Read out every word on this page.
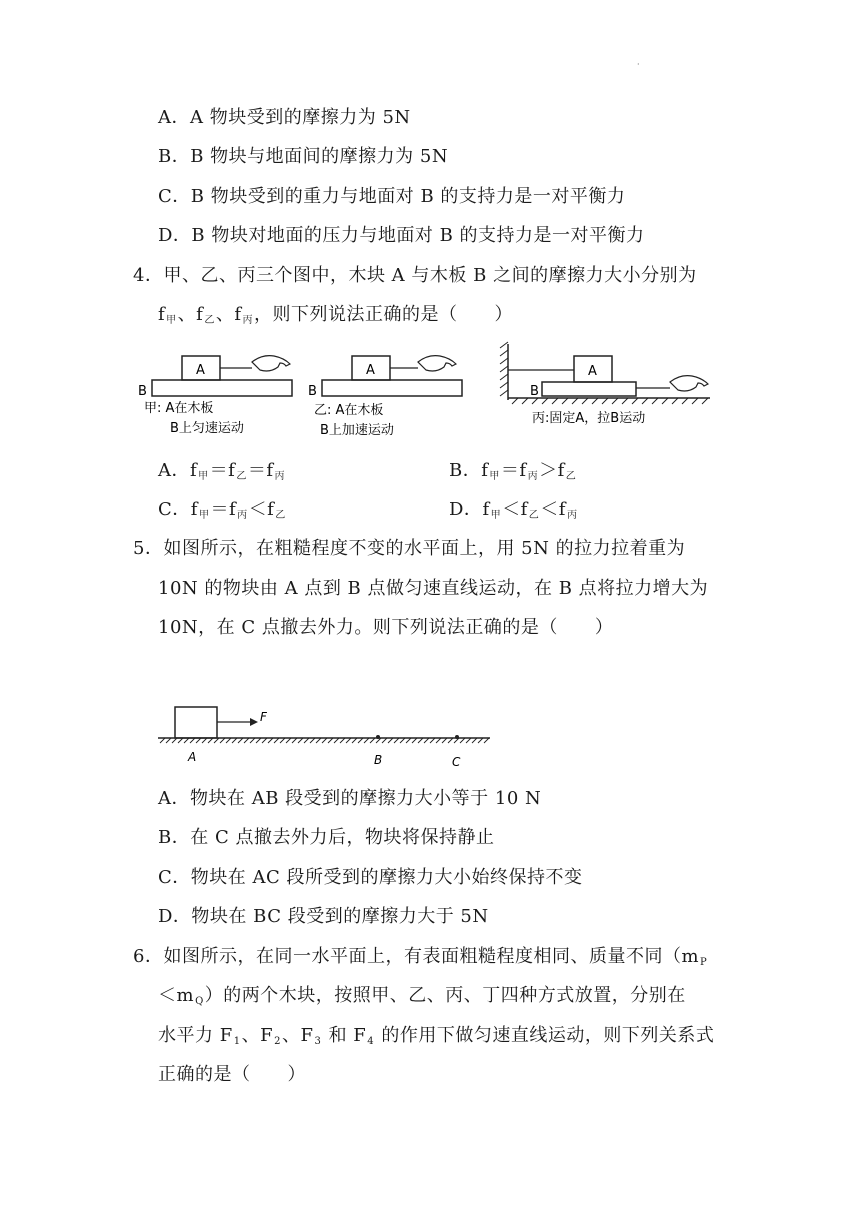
·
A．A 物块受到的摩擦力为 5N
B．B 物块与地面间的摩擦力为 5N
C．B 物块受到的重力与地面对 B 的支持力是一对平衡力
D．B 物块对地面的压力与地面对 B 的支持力是一对平衡力
4．甲、乙、丙三个图中，木块 A 与木板 B 之间的摩擦力大小分别为
$f_甲$、$f_乙$、$f_丙$，则下列说法正确的是（　　）
A
B
甲: A在木板
B上匀速运动
A
B
乙: A在木板
B上加速运动
A
B
丙:固定A，拉B运动
A．$f_甲=f_乙=f_丙$	B．$f_甲=f_丙>f_乙$
C．$f_甲=f_丙<f_乙$	D．$f_甲<f_乙<f_丙$
5．如图所示，在粗糙程度不变的水平面上，用 5N 的拉力拉着重为
10N 的物块由 A 点到 B 点做匀速直线运动，在 B 点将拉力增大为
10N，在 C 点撤去外力。则下列说法正确的是（　　）
F
A	B	C
A．物块在 AB 段受到的摩擦力大小等于 10 N
B．在 C 点撤去外力后，物块将保持静止
C．物块在 AC 段所受到的摩擦力大小始终保持不变
D．物块在 BC 段受到的摩擦力大于 5N
6．如图所示，在同一水平面上，有表面粗糙程度相同、质量不同（$m_P$
$<m_Q$）的两个木块，按照甲、乙、丙、丁四种方式放置，分别在
水平力 $F_1$、$F_2$、$F_3$ 和 $F_4$ 的作用下做匀速直线运动，则下列关系式
正确的是（　　）
